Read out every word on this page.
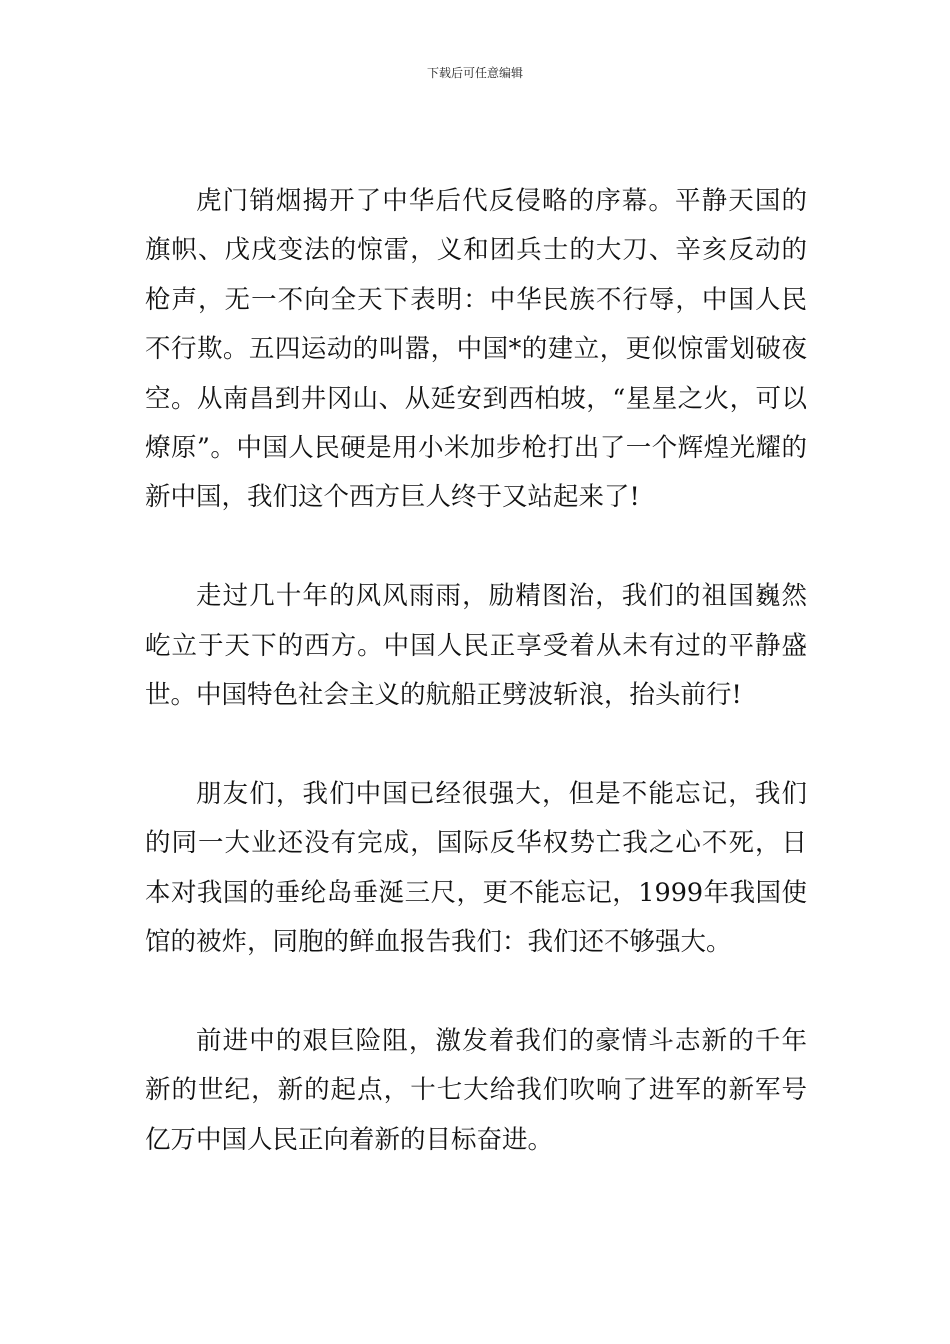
下载后可任意编辑

虎门销烟揭开了中华后代反侵略的序幕。平静天国的旗帜、戊戌变法的惊雷，义和团兵士的大刀、辛亥反动的枪声，无一不向全天下表明：中华民族不行辱，中国人民不行欺。五四运动的叫嚣，中国*的建立，更似惊雷划破夜空。从南昌到井冈山、从延安到西柏坡，“星星之火，可以燎原”。中国人民硬是用小米加步枪打出了一个辉煌光耀的新中国，我们这个西方巨人终于又站起来了!

走过几十年的风风雨雨，励精图治，我们的祖国巍然屹立于天下的西方。中国人民正享受着从未有过的平静盛世。中国特色社会主义的航船正劈波斩浪，抬头前行!

朋友们，我们中国已经很强大，但是不能忘记，我们的同一大业还没有完成，国际反华权势亡我之心不死，日本对我国的垂纶岛垂涎三尺，更不能忘记，1999年我国使馆的被炸，同胞的鲜血报告我们：我们还不够强大。

前进中的艰巨险阻，激发着我们的豪情斗志新的千年新的世纪，新的起点，十七大给我们吹响了进军的新军号亿万中国人民正向着新的目标奋进。
